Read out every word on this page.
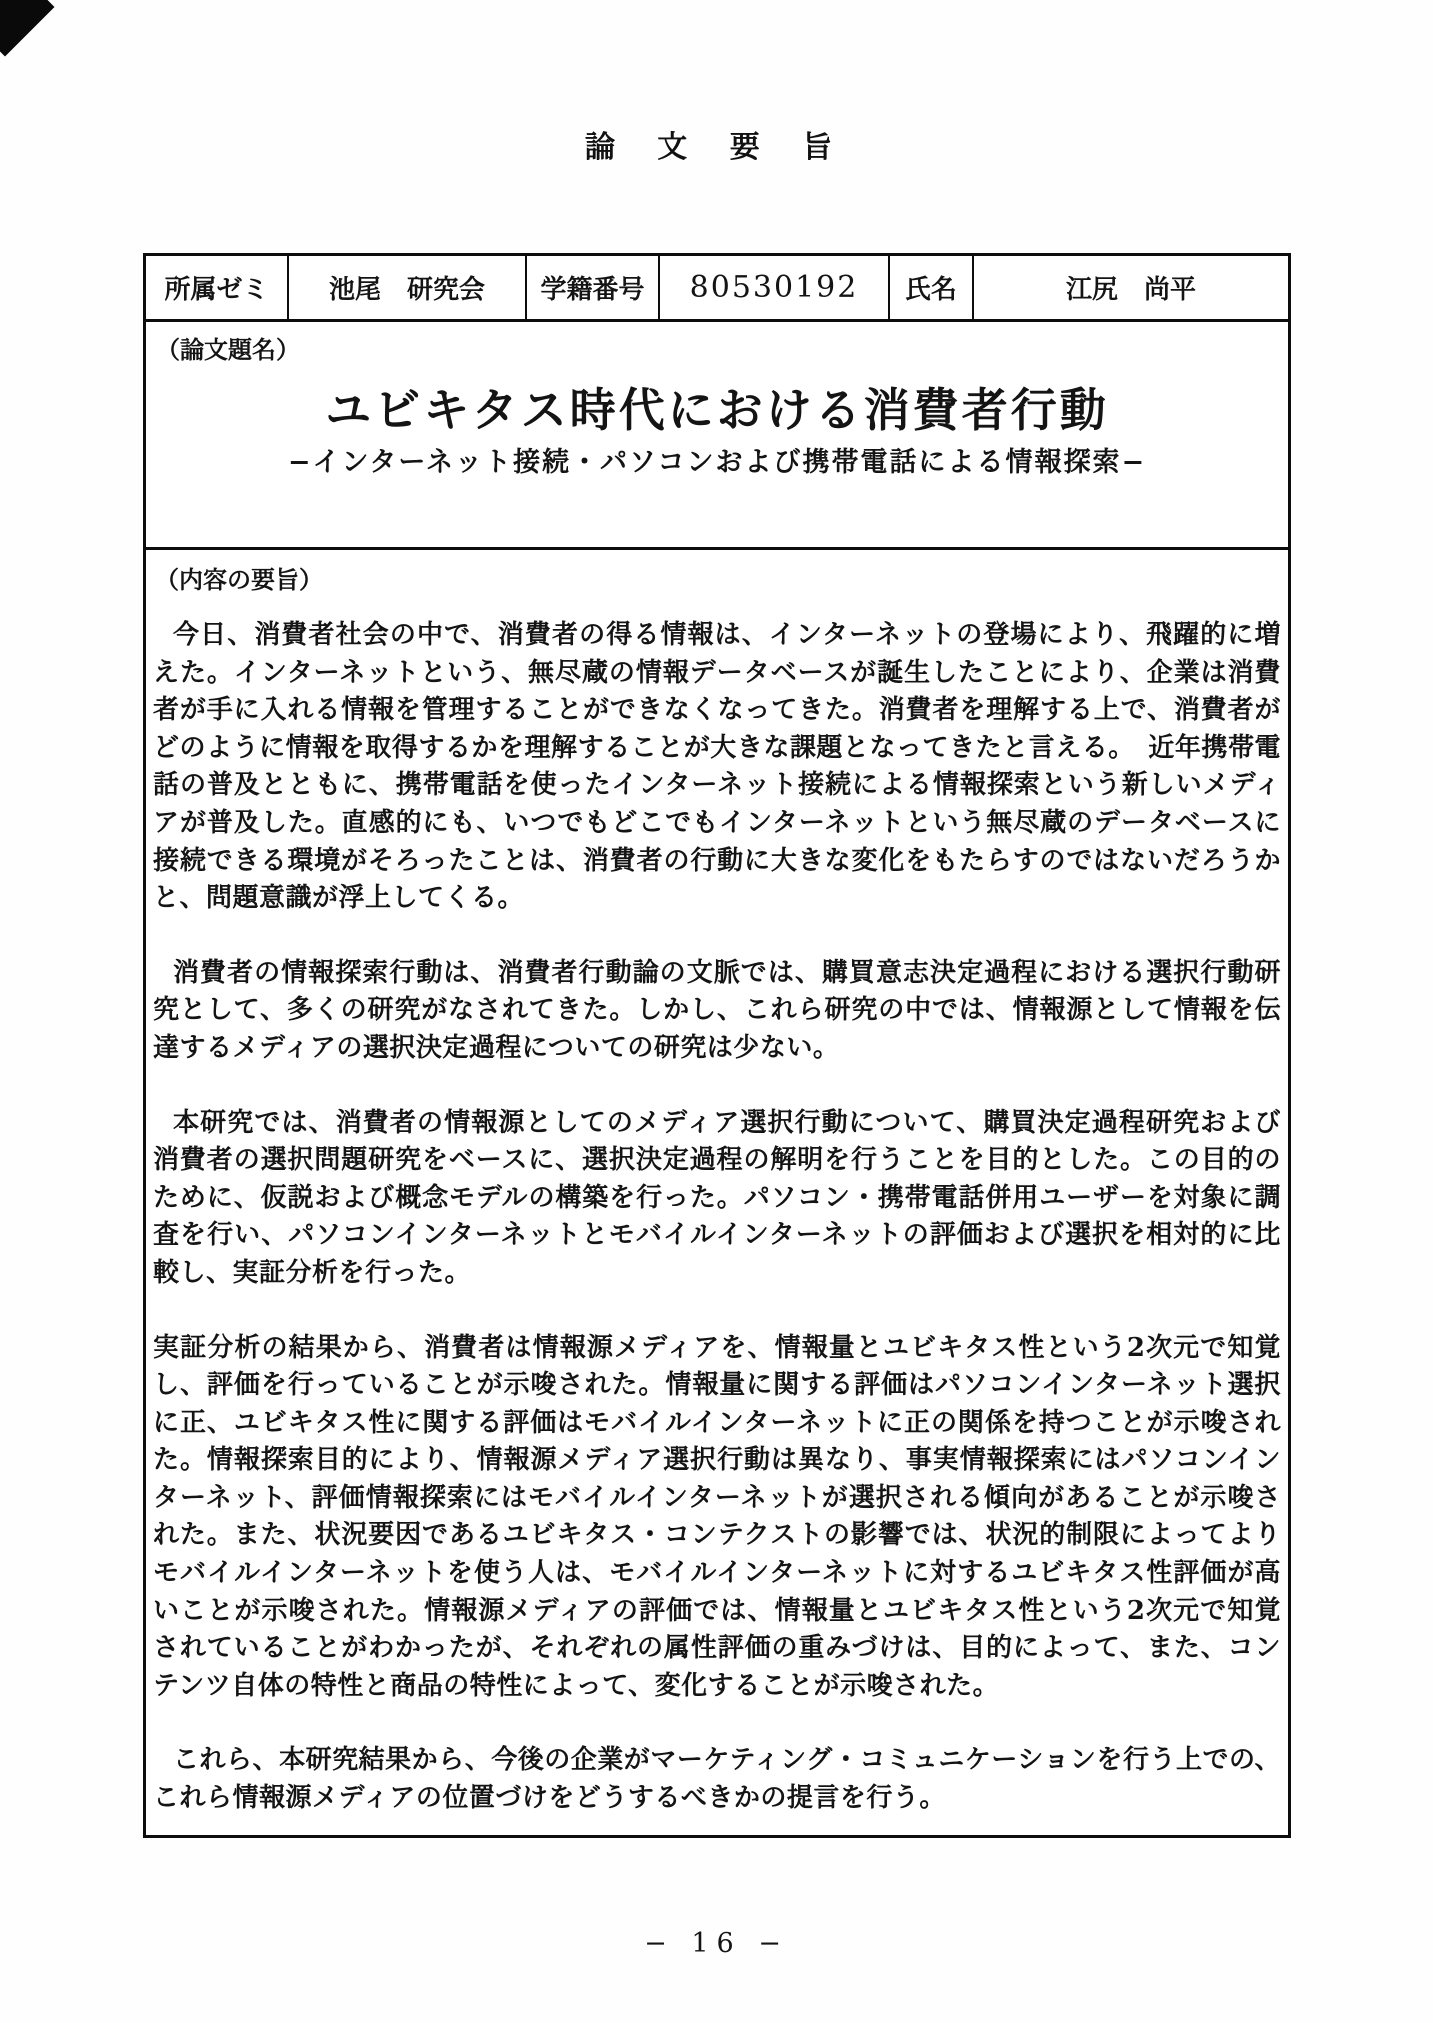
論 文 要 旨
所属ゼミ	池尾　研究会	学籍番号	80530192	氏名	江尻　尚平
（論文題名）
ユビキタス時代における消費者行動
−インターネット接続・パソコンおよび携帯電話による情報探索−
（内容の要旨）

今日、消費者社会の中で、消費者の得る情報は、インターネットの登場により、飛躍的に増えた。インターネットという、無尽蔵の情報データベースが誕生したことにより、企業は消費者が手に入れる情報を管理することができなくなってきた。消費者を理解する上で、消費者がどのように情報を取得するかを理解することが大きな課題となってきたと言える。　近年携帯電話の普及とともに、携帯電話を使ったインターネット接続による情報探索という新しいメディアが普及した。直感的にも、いつでもどこでもインターネットという無尽蔵のデータベースに接続できる環境がそろったことは、消費者の行動に大きな変化をもたらすのではないだろうかと、問題意識が浮上してくる。

消費者の情報探索行動は、消費者行動論の文脈では、購買意志決定過程における選択行動研究として、多くの研究がなされてきた。しかし、これら研究の中では、情報源として情報を伝達するメディアの選択決定過程についての研究は少ない。

本研究では、消費者の情報源としてのメディア選択行動について、購買決定過程研究および消費者の選択問題研究をベースに、選択決定過程の解明を行うことを目的とした。この目的のために、仮説および概念モデルの構築を行った。パソコン・携帯電話併用ユーザーを対象に調査を行い、パソコンインターネットとモバイルインターネットの評価および選択を相対的に比較し、実証分析を行った。

実証分析の結果から、消費者は情報源メディアを、情報量とユビキタス性という2次元で知覚し、評価を行っていることが示唆された。情報量に関する評価はパソコンインターネット選択に正、ユビキタス性に関する評価はモバイルインターネットに正の関係を持つことが示唆された。情報探索目的により、情報源メディア選択行動は異なり、事実情報探索にはパソコンインターネット、評価情報探索にはモバイルインターネットが選択される傾向があることが示唆された。また、状況要因であるユビキタス・コンテクストの影響では、状況的制限によってよりモバイルインターネットを使う人は、モバイルインターネットに対するユビキタス性評価が高いことが示唆された。情報源メディアの評価では、情報量とユビキタス性という2次元で知覚されていることがわかったが、それぞれの属性評価の重みづけは、目的によって、また、コンテンツ自体の特性と商品の特性によって、変化することが示唆された。

これら、本研究結果から、今後の企業がマーケティング・コミュニケーションを行う上での、これら情報源メディアの位置づけをどうするべきかの提言を行う。

− 16 −
